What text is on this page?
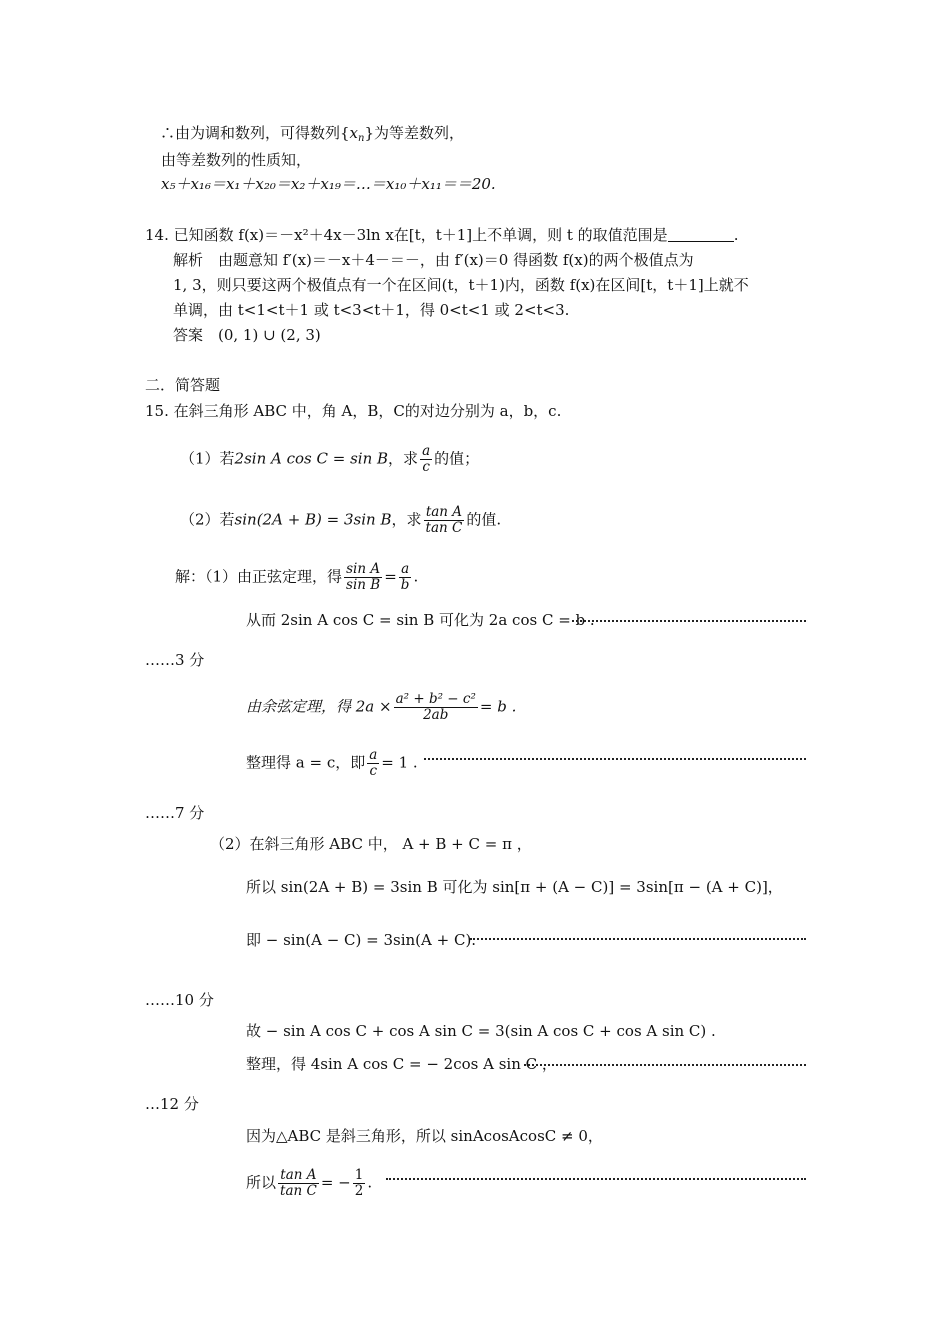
∴由为调和数列，可得数列$\{x_n\}$为等差数列，
由等差数列的性质知，
x₅＋x₁₆＝x₁＋x₂₀＝x₂＋x₁₉＝…＝x₁₀＋x₁₁＝＝20.
14. 已知函数 f(x)＝－x²＋4x－3ln x在[t，t＋1]上不单调，则 t 的取值范围是	.
解析　由题意知 f′(x)＝－x＋4－＝－，由 f′(x)＝0 得函数 f(x)的两个极值点为
1, 3，则只要这两个极值点有一个在区间(t，t＋1)内，函数 f(x)在区间[t，t＋1]上就不
单调，由 t<1<t＋1 或 t<3<t＋1，得 0<t<1 或 2<t<3.
答案　(0, 1) ∪ (2, 3)
二．简答题
15. 在斜三角形 ABC 中，角 A，B，C的对边分别为 a，b，c.
（1）若2sin A cos C = sin B，求 $\frac{a}{c}$ 的值；
（2）若sin(2A + B) = 3sin B，求 $\frac{\text{tan A}}{\text{tan C}}$ 的值.
解：（1）由正弦定理，得 $\frac{\text{sin A}}{\text{sin B}} = \frac{a}{b}$ .
从而 2sin A cos C = sin B 可化为 2a cos C = b .
……3 分
由余弦定理，得 $2a \times \frac{\text{a² + b² − c²}}{2ab} = b$ .
整理得 a = c，即 $\frac{a}{c} = 1$ .
……7 分
（2）在斜三角形 ABC 中， A + B + C = π ，
所以 sin(2A + B) = 3sin B 可化为 sin[π + (A − C)] = 3sin[π − (A + C)]，
即 − sin(A − C) = 3sin(A + C).
……10 分
故 − sin A cos C + cos A sin C = 3(sin A cos C + cos A sin C) .
整理，得 4sin A cos C = − 2cos A sin C ，
…12 分
因为△ABC 是斜三角形，所以 sinAcosAcosC ≠ 0，
所以 $\frac{\text{tan A}}{\text{tan C}}$ = − $\frac{1}{2}$ .
